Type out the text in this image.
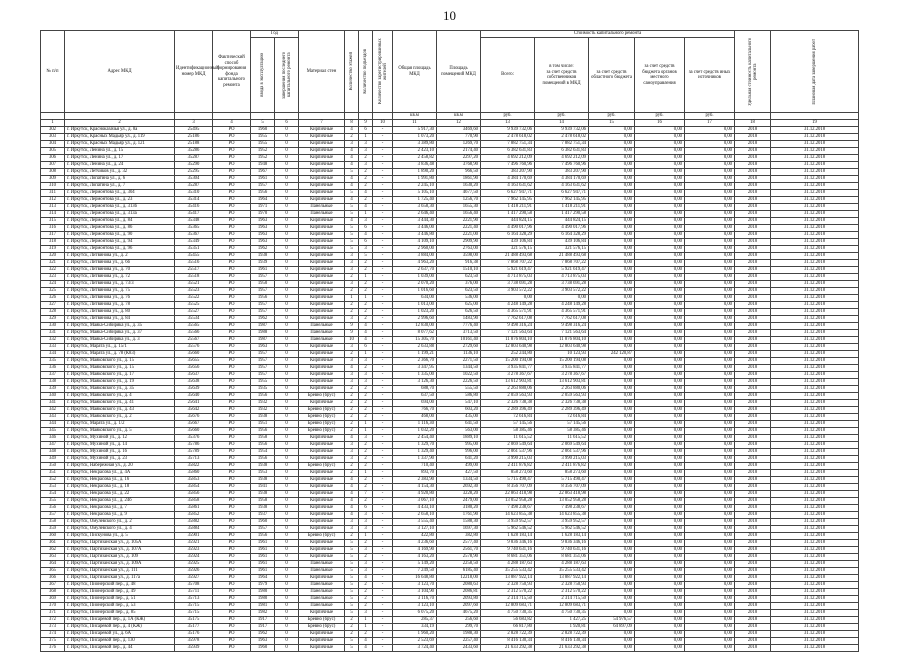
10
№ п/п	Адрес МКД	Идентификационный номер МКД	Фактический способ формирования фонда капитального ремонта	Год		Материал стен	Количество этажей	Количество подъездов	Количество зарегистрированных жителей	Общая площадь МКД	Площадь помещений МКД	Стоимость капитального ремонта					Удельная стоимость капитального ремонта	Плановая дата завершения работ

				ввода в эксплуатацию	завершения последнего капитального ремонта							Всего:	в том числе:
за счет средств собственников помещений в МКД	за счет средств областного бюджета	за счет средств бюджета органов местного самоуправления	за счет средств иных источников		
										кв.м	кв.м	руб.	руб.	руб.	руб.	руб.		
1	2	3	4	5	6	7	8	9	10	11	12	13	14	15	16	17	18	19
302	г. Иркутск, Красноказачья ул., д. 8а	25495	РО	1960	0	Кирпичные	4	6	-	5 917,30	3469,60	9 939 732,06	9 939 732,06	0,00	0,00	0,00	2018	31.12.2018
303	г. Иркутск, Красных Мадьяр ул., д. 119	25186	РО	1955	0	Кирпичные	2	1	-	1 073,20	770,90	2 478 618,02	2 478 618,02	0,00	0,00	0,00	2018	31.12.2018
304	г. Иркутск, Красных Мадьяр ул., д. 121	25188	РО	1955	0	Кирпичные	3	3	-	3 389,80	1269,70	7 882 751,34	7 882 751,34	0,00	0,00	0,00	2018	31.12.2018
305	г. Иркутск, Ленина ул., д. 15	35286	РО	1952	0	Кирпичные	4	3	-	2 423,10	2174,40	6 382 631,83	6 382 631,83	0,00	0,00	0,00	2018	31.12.2018
306	г. Иркутск, Ленина ул., д. 17	35287	РО	1952	0	Кирпичные	4	2	-	2 458,82	2297,20	4 692 212,09	4 692 212,09	0,00	0,00	0,00	2018	31.12.2018
307	г. Иркутск, Ленина ул., д. 24	35290	РО	1948	0	Кирпичные	4	3	-	3 836,48	3768,90	7 496 760,96	7 496 760,96	0,00	0,00	0,00	2018	31.12.2018
308	г. Иркутск, Летчиков ул., д. 32	25295	РО	1967	0	Кирпичные	5	2	-	1 890,20	966,50	383 207,90	383 207,90	0,00	0,00	0,00	2018	31.12.2018
309	г. Иркутск, Лопатина ул., д. 6	35304	РО	1961	0	Кирпичные	4	2	-	1 991,80	1861,90	4 384 170,69	4 384 170,69	0,00	0,00	0,00	2018	31.12.2018
310	г. Иркутск, Лопатина ул., д. 7	35287	РО	1957	0	Кирпичные	4	2	-	2 245,10	1630,20	4 163 631,62	4 163 631,62	0,00	0,00	0,00	2018	31.12.2018
311	г. Иркутск, Лермонтова ул., д. 304	35310	РО	1956	0	Кирпичные	5	4	-	5 105,10	4677,50	6 627 947,71	6 627 947,71	0,00	0,00	0,00	2018	31.12.2018
312	г. Иркутск, Лермонтова ул., д. 23	35314	РО	1964	0	Кирпичные	4	2	-	1 725,40	1256,70	7 962 145,95	7 962 145,95	0,00	0,00	0,00	2018	31.12.2018
313	г. Иркутск, Лермонтова ул., д. 313б	35416	РО	1971	0	Панельные	5	4	-	3 658,30	1655,30	1 418 211,91	1 418 211,91	0,00	0,00	0,00	2018	31.12.2018
314	г. Иркутск, Лермонтова ул., д. 313а	35417	РО	1970	0	Панельные	5	1	-	2 646,40	1656,40	1 417 290,58	1 417 290,58	0,00	0,00	0,00	2018	31.12.2018
315	г. Иркутск, Лермонтова ул., д. 84	35348	РО	1963	0	Кирпичные	4	3	-	3 444,30	2221,90	444 824,15	444 824,15	0,00	0,00	0,00	2018	31.12.2018
316	г. Иркутск, Лермонтова ул., д. 86	35365	РО	1963	0	Кирпичные	5	6	-	3 446,00	2221,40	4 490 017,96	4 490 017,96	0,00	0,00	0,00	2018	31.12.2018
317	г. Иркутск, Лермонтова ул., д. 90	35367	РО	1963	0	Кирпичные	5	4	-	3 446,80	2221,00	6 164 328,29	6 164 328,29	0,00	0,00	0,00	2018	31.12.2018
318	г. Иркутск, Лермонтова ул., д. 94	35349	РО	1963	0	Кирпичные	5	6	-	4 109,10	2909,90	439 106,84	439 106,84	0,00	0,00	0,00	2018	31.12.2018
319	г. Иркутск, Лермонтова ул., д. 96	35351	РО	1962	0	Кирпичные	5	3	-	2 960,00	2763,00	321 576,15	321 576,15	0,00	0,00	0,00	2018	31.12.2018
320	г. Иркутск, Литвинова ул., д. 2	35455	РО	1938	0	Кирпичные	3	5	-	3 884,00	3598,00	21 488 493,68	21 488 493,68	0,00	0,00	0,00	2018	31.12.2018
321	г. Иркутск, Литвинова ул., д. 6б	35516	РО	1939	0	Кирпичные	3	2	-	4 963,20	916,38	7 868 707,22	7 868 707,22	0,00	0,00	0,00	2018	31.12.2018
322	г. Иркутск, Литвинова ул., д. 70	25517	РО	1961	0	Кирпичные	3	2	-	2 637,70	1510,10	5 921 619,47	5 921 619,47	0,00	0,00	0,00	2018	31.12.2018
323	г. Иркутск, Литвинова ул., д. 72	35518	РО	1957	0	Кирпичные	2	1	-	1 039,00	623,50	4 713 875,03	4 713 875,03	0,00	0,00	0,00	2018	31.12.2018
324	г. Иркутск, Литвинова ул., д. 73/3	35521	РО	1950	0	Кирпичные	3	2	-	2 070,20	376,00	3 738 691,28	3 738 691,28	0,00	0,00	0,00	2018	31.12.2018
325	г. Иркутск, Литвинова ул., д. 75	35523	РО	1957	0	Кирпичные	2	2	-	1 016,60	623,50	3 903 572,22	3 903 572,22	0,00	0,00	0,00	2018	31.12.2018
326	г. Иркутск, Литвинова ул., д. 76	35522	РО	1956	0	Кирпичные	1	1	-	634,00	536,00	0,00	0,00	0,00	0,00	0,00	2018	31.12.2018
327	г. Иркутск, Литвинова ул., д. 78	35525	РО	1957	0	Кирпичные	2	2	-	1 013,00	625,00	4 248 149,28	4 248 149,28	0,00	0,00	0,00	2018	31.12.2018
328	г. Иркутск, Литвинова ул., д. 80	35527	РО	1957	0	Кирпичные	2	2	-	1 023,20	626,50	4 365 571,91	4 365 571,91	0,00	0,00	0,00	2018	31.12.2018
329	г. Иркутск, Литвинова ул., д. 84	35534	РО	1962	0	Кирпичные	3	2	-	2 996,60	1483,90	7 762 617,08	7 762 617,08	0,00	0,00	0,00	2018	31.12.2018
330	г. Иркутск, Маяка-Сибиряка ул., д. 35	35565	РО	1987	0	Панельные	9	4	-	12 830,00	7776,40	9 498 316,24	9 498 316,24	0,00	0,00	0,00	2018	31.12.2018
331	г. Иркутск, Маяка-Сибиряка ул., д. 37	35566	РО	1988	0	Панельные	9	4	-	8 077,62	3713,50	7 121 563,64	7 121 563,64	0,00	0,00	0,00	2018	31.12.2018
332	г. Иркутск, Маяка-Сибиряка ул., д. 3	25567	РО	1987	0	Панельные	10	4	-	15 305,70	10161,40	11 876 804,10	11 876 804,10	0,00	0,00	0,00	2018	31.12.2018
333	г. Иркутск, Марата ул., д. 15/1	35576	РО	1963	0	Кирпичные	3	6	-	2 633,88	2729,60	12 803 640,98	12 803 640,98	0,00	0,00	0,00	2018	31.12.2018
334	г. Иркутск, Марата ул., д. 78 (К83)	35660	РО	1957	0	Кирпичные	2	1	-	1 199,21	1136,10	252 244,80	10 123,93	242 120,87	0,00	0,00	2018	31.12.2018
335	г. Иркутск, Маяковского ул., д. 15	35655	РО	1957	0	Кирпичные	3	3	-	2 366,70	2271,50	15 200 194,08	15 200 194,08	0,00	0,00	0,00	2018	31.12.2018
336	г. Иркутск, Маяковского ул., д. 15	35656	РО	1957	0	Кирпичные	4	2	-	3 347,95	1344,50	3 935 841,77	3 935 841,77	0,00	0,00	0,00	2018	31.12.2018
337	г. Иркутск, Маяковского ул., д. 17	35637	РО	1957	0	Кирпичные	3	3	-	1 335,00	1022,50	3 278 367,67	3 278 367,67	0,00	0,00	0,00	2018	31.12.2018
338	г. Иркутск, Маяковского ул., д. 19	35638	РО	1955	0	Кирпичные	3	3	-	3 126,30	2226,50	13 612 903,81	13 612 903,81	0,00	0,00	0,00	2018	31.12.2018
339	г. Иркутск, Маяковского ул., д. 35	35639	РО	1935	0	Кирпичные	2	2	-	688,70	555,50	2 263 880,06	2 263 880,06	0,00	0,00	0,00	2018	31.12.2018
340	г. Иркутск, Маяковского ул., д. 4	35640	РО	1956	0	Бревно (брус)	2	2	-	637,50	586,80	2 059 563,93	2 059 563,93	0,00	0,00	0,00	2018	31.12.2018
341	г. Иркутск, Маяковского ул., д. 41	25641	РО	1932	0	Кирпичные	2	2	-	694,00	547,10	2 326 738,38	2 326 738,38	0,00	0,00	0,00	2018	31.12.2018
342	г. Иркутск, Маяковского ул., д. 43	35642	РО	1932	0	Бревно (брус)	2	2	-	766,70	603,20	2 289 396,49	2 289 396,49	0,00	0,00	0,00	2018	31.12.2018
343	г. Иркутск, Маяковского ул., д. 2	35676	РО	1938	0	Бревно (брус)	2	2	-	468,00	435,00	72 616,84	72 616,84	0,00	0,00	0,00	2018	31.12.2018
344	г. Иркутск, Марата ул., д. 1/2	35667	РО	1951	0	Бревно (брус)	2	1	-	1 116,30	641,50	57 145,56	57 145,56	0,00	0,00	0,00	2018	31.12.2018
345	г. Иркутск, Маяковского ул., д. 5	35660	РО	1956	0	Бревно (брус)	2	1	-	1 032,20	563,00	58 385,46	58 385,46	0,00	0,00	0,00	2018	31.12.2018
346	г. Иркутск, Мухиной ул., д. 12	35376	РО	1958	0	Кирпичные	4	3	-	2 454,40	1889,10	11 615,52	11 615,52	0,00	0,00	0,00	2018	31.12.2018
347	г. Иркутск, Мухиной ул., д. 14	35786	РО	1956	0	Кирпичные	3	2	-	1 329,70	995,00	2 069 549,64	2 069 549,64	0,00	0,00	0,00	2018	31.12.2018
348	г. Иркутск, Мухиной ул., д. 16	35789	РО	1954	0	Кирпичные	3	2	-	1 329,40	996,00	2 061 537,96	2 061 537,96	0,00	0,00	0,00	2018	31.12.2018
349	г. Иркутск, Мухиной ул., д. 23	35713	РО	1956	0	Кирпичные	3	2	-	1 337,90	641,20	3 990 215,03	3 990 215,03	0,00	0,00	0,00	2018	31.12.2018
350	г. Иркутск, Набережная ул., д. 20	35822	РО	1938	0	Бревно (брус)	2	2	-	710,40	499,00	2 411 876,82	2 411 876,82	0,00	0,00	0,00	2018	31.12.2018
351	г. Иркутск, Некрасова ул., д. 4А	35860	РО	1953	0	Кирпичные	2	1	-	893,70	427,50	858 273,60	858 273,60	0,00	0,00	0,00	2018	31.12.2018
352	г. Иркутск, Некрасова ул., д. 16	35853	РО	1938	0	Кирпичные	4	2	-	2 383,90	1334,50	5 715 490,47	5 715 490,47	0,00	0,00	0,00	2018	31.12.2018
353	г. Иркутск, Некрасова ул., д. 18	35854	РО	1941	0	Кирпичные	4	2	-	4 154,30	2692,30	8 356 707,09	8 356 707,09	0,00	0,00	0,00	2018	31.12.2018
354	г. Иркутск, Некрасова ул., д. 22	35856	РО	1938	0	Кирпичные	4	7	-	4 920,80	3228,20	22 863 418,98	22 863 418,98	0,00	0,00	0,00	2018	31.12.2018
355	г. Иркутск, Некрасова ул., д. 24б	35858	РО	1958	0	Кирпичные	4	2	-	3 067,10	2479,00	13 052 958,28	13 052 958,28	0,00	0,00	0,00	2018	31.12.2018
356	г. Иркутск, Некрасова ул., д. 7	35861	РО	1938	0	Кирпичные	4	6	-	4 433,10	3180,20	7 498 238,67	7 498 238,67	0,00	0,00	0,00	2018	31.12.2018
357	г. Иркутск, Некрасова ул., д. 9	35852	РО	1937	0	Кирпичные	4	3	-	2 658,10	1761,90	14 623 855,38	14 623 855,38	0,00	0,00	0,00	2018	31.12.2018
358	г. Иркутск, Омулевского ул., д. 2	35882	РО	1960	0	Кирпичные	3	3	-	3 555,40	1588,30	3 959 952,57	3 959 952,57	0,00	0,00	0,00	2018	31.12.2018
359	г. Иркутск, Омулевского ул., д. 4	35884	РО	1957	0	Кирпичные	3	3	-	3 127,10	1697,30	5 962 546,52	5 962 546,52	0,00	0,00	0,00	2018	31.12.2018
360	г. Иркутск, Пискунова ул., д. 5	35901	РО	1956	0	Бревно (брус)	2	1	-	422,80	382,80	1 628 183,14	1 628 183,14	0,00	0,00	0,00	2018	31.12.2018
361	г. Иркутск, Партизанская ул., д. 105А	35921	РО	1961	0	Кирпичные	5	2	-	4 236,60	2577,40	9 836 346,16	9 836 346,16	0,00	0,00	0,00	2018	31.12.2018
362	г. Иркутск, Партизанская ул., д. 107А	35923	РО	1961	0	Кирпичные	5	3	-	4 169,90	2561,70	9 740 631,16	9 740 631,16	0,00	0,00	0,00	2018	31.12.2018
363	г. Иркутск, Партизанская ул., д. 109	35924	РО	1961	0	Кирпичные	5	2	-	4 163,20	2578,90	8 681 351,06	8 681 351,06	0,00	0,00	0,00	2018	31.12.2018
364	г. Иркутск, Партизанская ул., д. 109А	35925	РО	1961	0	Панельные	5	3	-	5 149,20	2258,50	4 288 187,63	4 288 187,63	0,00	0,00	0,00	2018	31.12.2018
365	г. Иркутск, Партизанская ул., д. 111	35926	РО	1961	0	Панельные	5	3	-	7 249,50	6185,40	35 255 533,42	35 255 533,42	0,00	0,00	0,00	2018	31.12.2018
366	г. Иркутск, Партизанская ул., д. 117а	35927	РО	1964	0	Кирпичные	5	4	-	16 648,80	12218,00	13 887 922,14	13 887 922,14	0,00	0,00	0,00	2018	31.12.2018
367	г. Иркутск, Пионерский пер., д. 48	35708	РО	1979	0	Панельные	5	2	-	3 123,70	2080,63	2 328 750,93	2 328 750,93	0,00	0,00	0,00	2018	31.12.2018
368	г. Иркутск, Пионерский пер., д. 49	35711	РО	1980	0	Панельные	5	2	-	3 104,90	2086,81	2 312 570,22	2 312 570,22	0,00	0,00	0,00	2018	31.12.2018
369	г. Иркутск, Пионерский пер., д. 51	35713	РО	1980	0	Панельные	5	2	-	3 116,70	2093,80	2 314 715,50	2 314 715,50	0,00	0,00	0,00	2018	31.12.2018
370	г. Иркутск, Пионерский пер., д. 53	35715	РО	1981	0	Панельные	5	2	-	3 123,10	2097,60	12 809 683,71	12 809 683,71	0,00	0,00	0,00	2018	31.12.2018
371	г. Иркутск, Пионерский пер., д. 85	35715	РО	1982	0	Кирпичные	5	3	-	6 075,20	4675,20	4 750 730,35	4 750 730,35	0,00	0,00	0,00	2018	31.12.2018
372	г. Иркутск, Писаревой пер., д. 1А (КЖ)	35175	РО	1917	0	Бревно (брус)	2	1	-	285,37	256,60	56 683,82	1 427,25	54 976,57	0,00	0,00	2018	31.12.2018
373	г. Иркутск, Писаревой пер., д. 4 (КЖ)	35177	РО	1917	0	Бревно (брус)	2	1	-	334,19	299,70	66 817,80	1 920,81	64 897,09	0,00	0,00	2018	31.12.2018
374	г. Иркутск, Писаревой ул., д. 6А	35176	РО	1962	0	Кирпичные	2	2	-	1 960,20	1988,30	2 828 722,39	2 828 722,39	0,00	0,00	0,00	2018	31.12.2018
375	г. Иркутск, Писаревой пер., д. 130	35978	РО	1963	0	Кирпичные	5	4	-	2 523,69	2257,40	8 416 130,34	8 416 130,34	0,00	0,00	0,00	2018	31.12.2018
376	г. Иркутск, Писаревой пер., д. 44	35939	РО	1960	0	Кирпичные	5	4	-	3 724,40	2433,60	21 633 292,38	21 633 292,38	0,00	0,00	0,00	2018	31.12.2018
